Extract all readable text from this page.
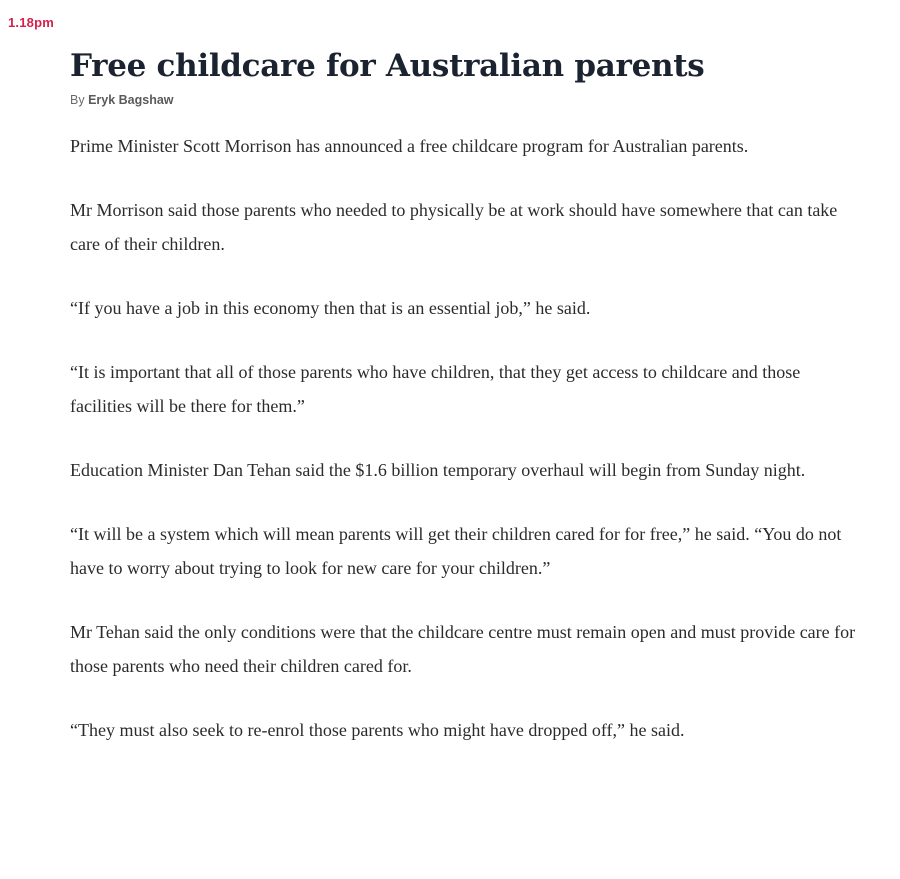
1.18pm
Free childcare for Australian parents
By Eryk Bagshaw

Prime Minister Scott Morrison has announced a free childcare program for Australian parents.

Mr Morrison said those parents who needed to physically be at work should have somewhere that can take care of their children.

“If you have a job in this economy then that is an essential job,” he said.

“It is important that all of those parents who have children, that they get access to childcare and those facilities will be there for them.”

Education Minister Dan Tehan said the $1.6 billion temporary overhaul will begin from Sunday night.

“It will be a system which will mean parents will get their children cared for for free,” he said. “You do not have to worry about trying to look for new care for your children.”

Mr Tehan said the only conditions were that the childcare centre must remain open and must provide care for those parents who need their children cared for.

“They must also seek to re-enrol those parents who might have dropped off,” he said.
